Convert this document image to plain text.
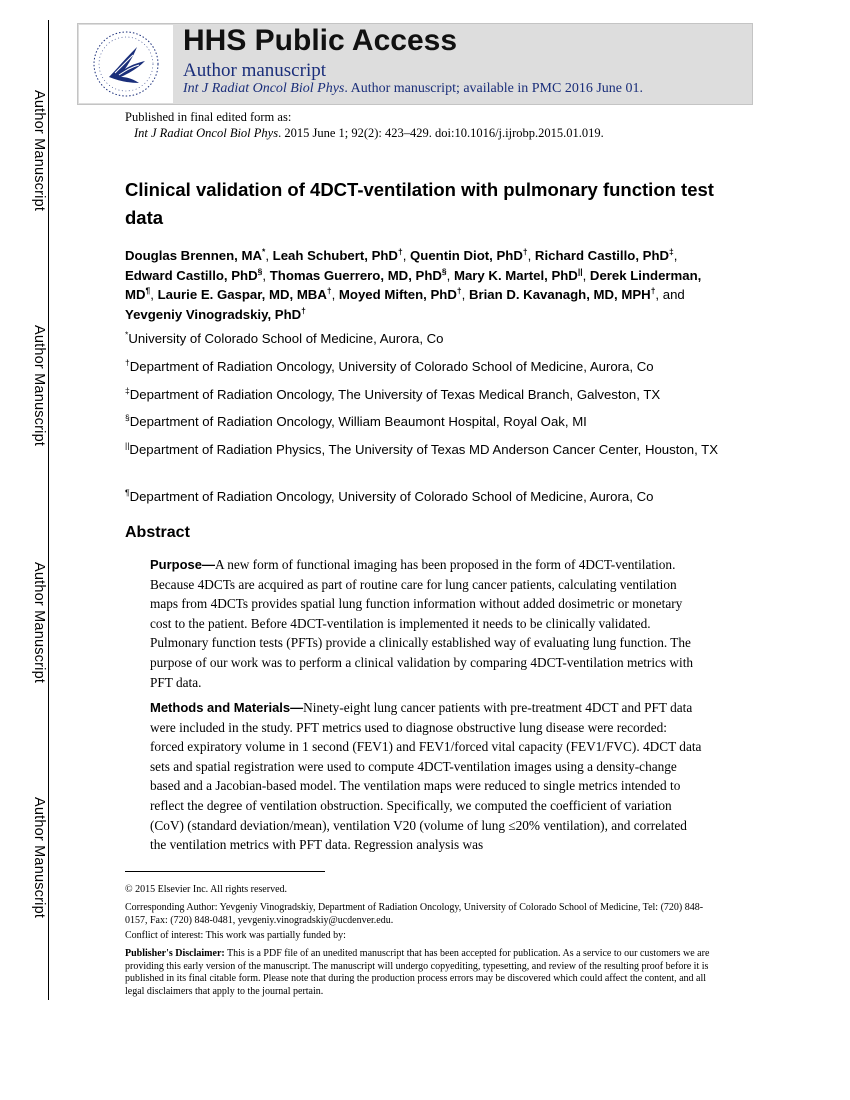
Author Manuscript
Author Manuscript
Author Manuscript
Author Manuscript
HHS Public Access
Author manuscript
Int J Radiat Oncol Biol Phys. Author manuscript; available in PMC 2016 June 01.
Published in final edited form as:
Int J Radiat Oncol Biol Phys. 2015 June 1; 92(2): 423–429. doi:10.1016/j.ijrobp.2015.01.019.
Clinical validation of 4DCT-ventilation with pulmonary function test data
Douglas Brennen, MA*, Leah Schubert, PhD†, Quentin Diot, PhD†, Richard Castillo, PhD‡, Edward Castillo, PhD§, Thomas Guerrero, MD, PhD§, Mary K. Martel, PhD||, Derek Linderman, MD¶, Laurie E. Gaspar, MD, MBA†, Moyed Miften, PhD†, Brian D. Kavanagh, MD, MPH†, and Yevgeniy Vinogradskiy, PhD†
*University of Colorado School of Medicine, Aurora, Co
†Department of Radiation Oncology, University of Colorado School of Medicine, Aurora, Co
‡Department of Radiation Oncology, The University of Texas Medical Branch, Galveston, TX
§Department of Radiation Oncology, William Beaumont Hospital, Royal Oak, MI
||Department of Radiation Physics, The University of Texas MD Anderson Cancer Center, Houston, TX
¶Department of Radiation Oncology, University of Colorado School of Medicine, Aurora, Co
Abstract
Purpose—A new form of functional imaging has been proposed in the form of 4DCT-ventilation. Because 4DCTs are acquired as part of routine care for lung cancer patients, calculating ventilation maps from 4DCTs provides spatial lung function information without added dosimetric or monetary cost to the patient. Before 4DCT-ventilation is implemented it needs to be clinically validated. Pulmonary function tests (PFTs) provide a clinically established way of evaluating lung function. The purpose of our work was to perform a clinical validation by comparing 4DCT-ventilation metrics with PFT data.
Methods and Materials—Ninety-eight lung cancer patients with pre-treatment 4DCT and PFT data were included in the study. PFT metrics used to diagnose obstructive lung disease were recorded: forced expiratory volume in 1 second (FEV1) and FEV1/forced vital capacity (FEV1/FVC). 4DCT data sets and spatial registration were used to compute 4DCT-ventilation images using a density-change based and a Jacobian-based model. The ventilation maps were reduced to single metrics intended to reflect the degree of ventilation obstruction. Specifically, we computed the coefficient of variation (CoV) (standard deviation/mean), ventilation V20 (volume of lung ≤20% ventilation), and correlated the ventilation metrics with PFT data. Regression analysis was
© 2015 Elsevier Inc. All rights reserved.
Corresponding Author: Yevgeniy Vinogradskiy, Department of Radiation Oncology, University of Colorado School of Medicine, Tel: (720) 848-0157, Fax: (720) 848-0481, yevgeniy.vinogradskiy@ucdenver.edu.
Conflict of interest: This work was partially funded by:
Publisher's Disclaimer: This is a PDF file of an unedited manuscript that has been accepted for publication. As a service to our customers we are providing this early version of the manuscript. The manuscript will undergo copyediting, typesetting, and review of the resulting proof before it is published in its final citable form. Please note that during the production process errors may be discovered which could affect the content, and all legal disclaimers that apply to the journal pertain.
